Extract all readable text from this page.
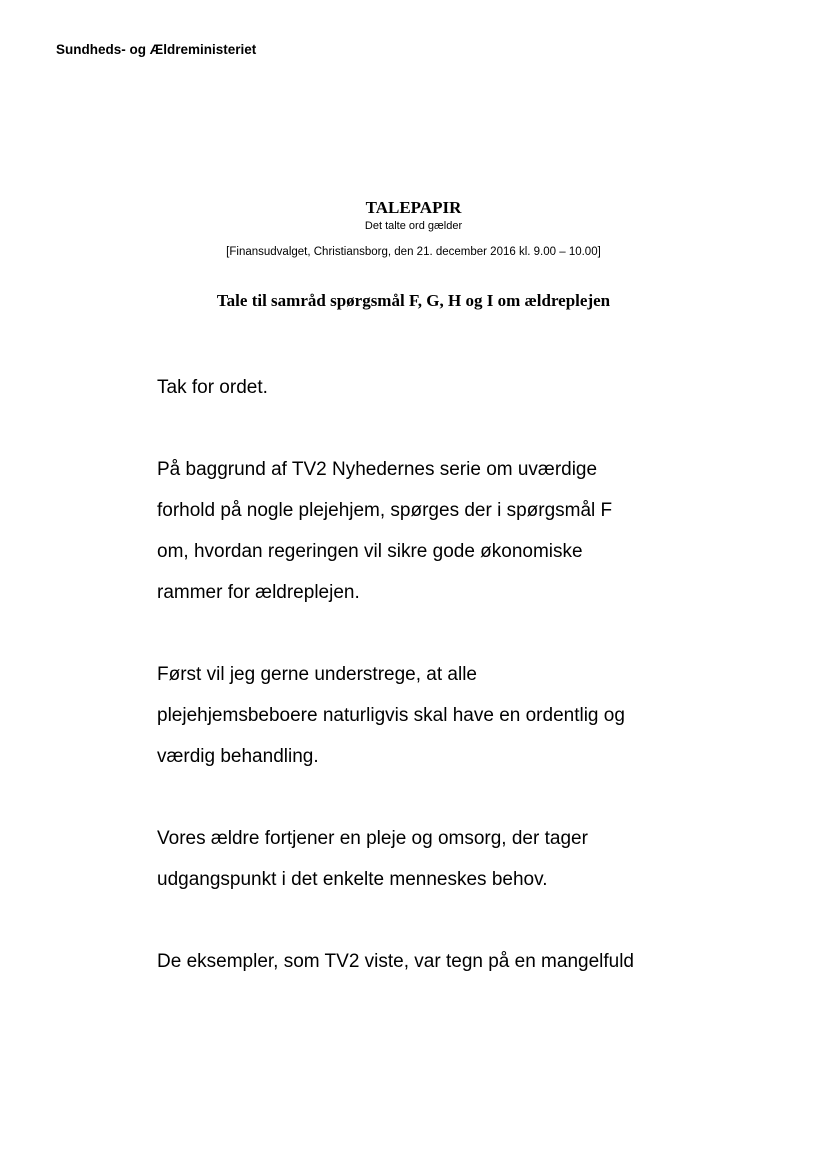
Sundheds- og Ældreministeriet
TALEPAPIR
Det talte ord gælder
[Finansudvalget, Christiansborg, den 21. december 2016 kl. 9.00 – 10.00]
Tale til samråd spørgsmål F, G, H og I om ældreplejen

Tak for ordet.

På baggrund af TV2 Nyhedernes serie om uværdige
forhold på nogle plejehjem, spørges der i spørgsmål F
om, hvordan regeringen vil sikre gode økonomiske
rammer for ældreplejen.

Først vil jeg gerne understrege, at alle
plejehjemsbeboere naturligvis skal have en ordentlig og
værdig behandling.

Vores ældre fortjener en pleje og omsorg, der tager
udgangspunkt i det enkelte menneskes behov.

De eksempler, som TV2 viste, var tegn på en mangelfuld
